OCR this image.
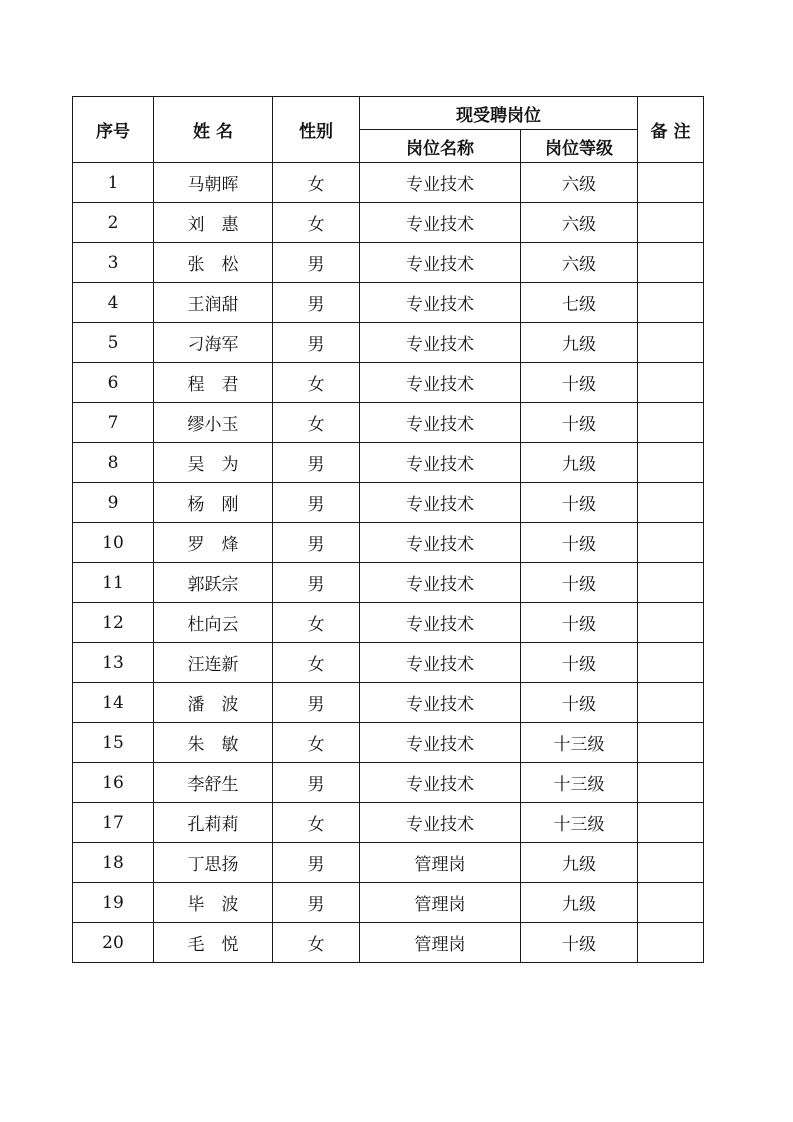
序号	姓 名	性别	现受聘岗位		备 注
			岗位名称	岗位等级	
1	马朝晖	女	专业技术	六级	
2	刘　惠	女	专业技术	六级	
3	张　松	男	专业技术	六级	
4	王润甜	男	专业技术	七级	
5	刁海军	男	专业技术	九级	
6	程　君	女	专业技术	十级	
7	缪小玉	女	专业技术	十级	
8	吴　为	男	专业技术	九级	
9	杨　刚	男	专业技术	十级	
10	罗　烽	男	专业技术	十级	
11	郭跃宗	男	专业技术	十级	
12	杜向云	女	专业技术	十级	
13	汪连新	女	专业技术	十级	
14	潘　波	男	专业技术	十级	
15	朱　敏	女	专业技术	十三级	
16	李舒生	男	专业技术	十三级	
17	孔莉莉	女	专业技术	十三级	
18	丁思扬	男	管理岗	九级	
19	毕　波	男	管理岗	九级	
20	毛　悦	女	管理岗	十级	
